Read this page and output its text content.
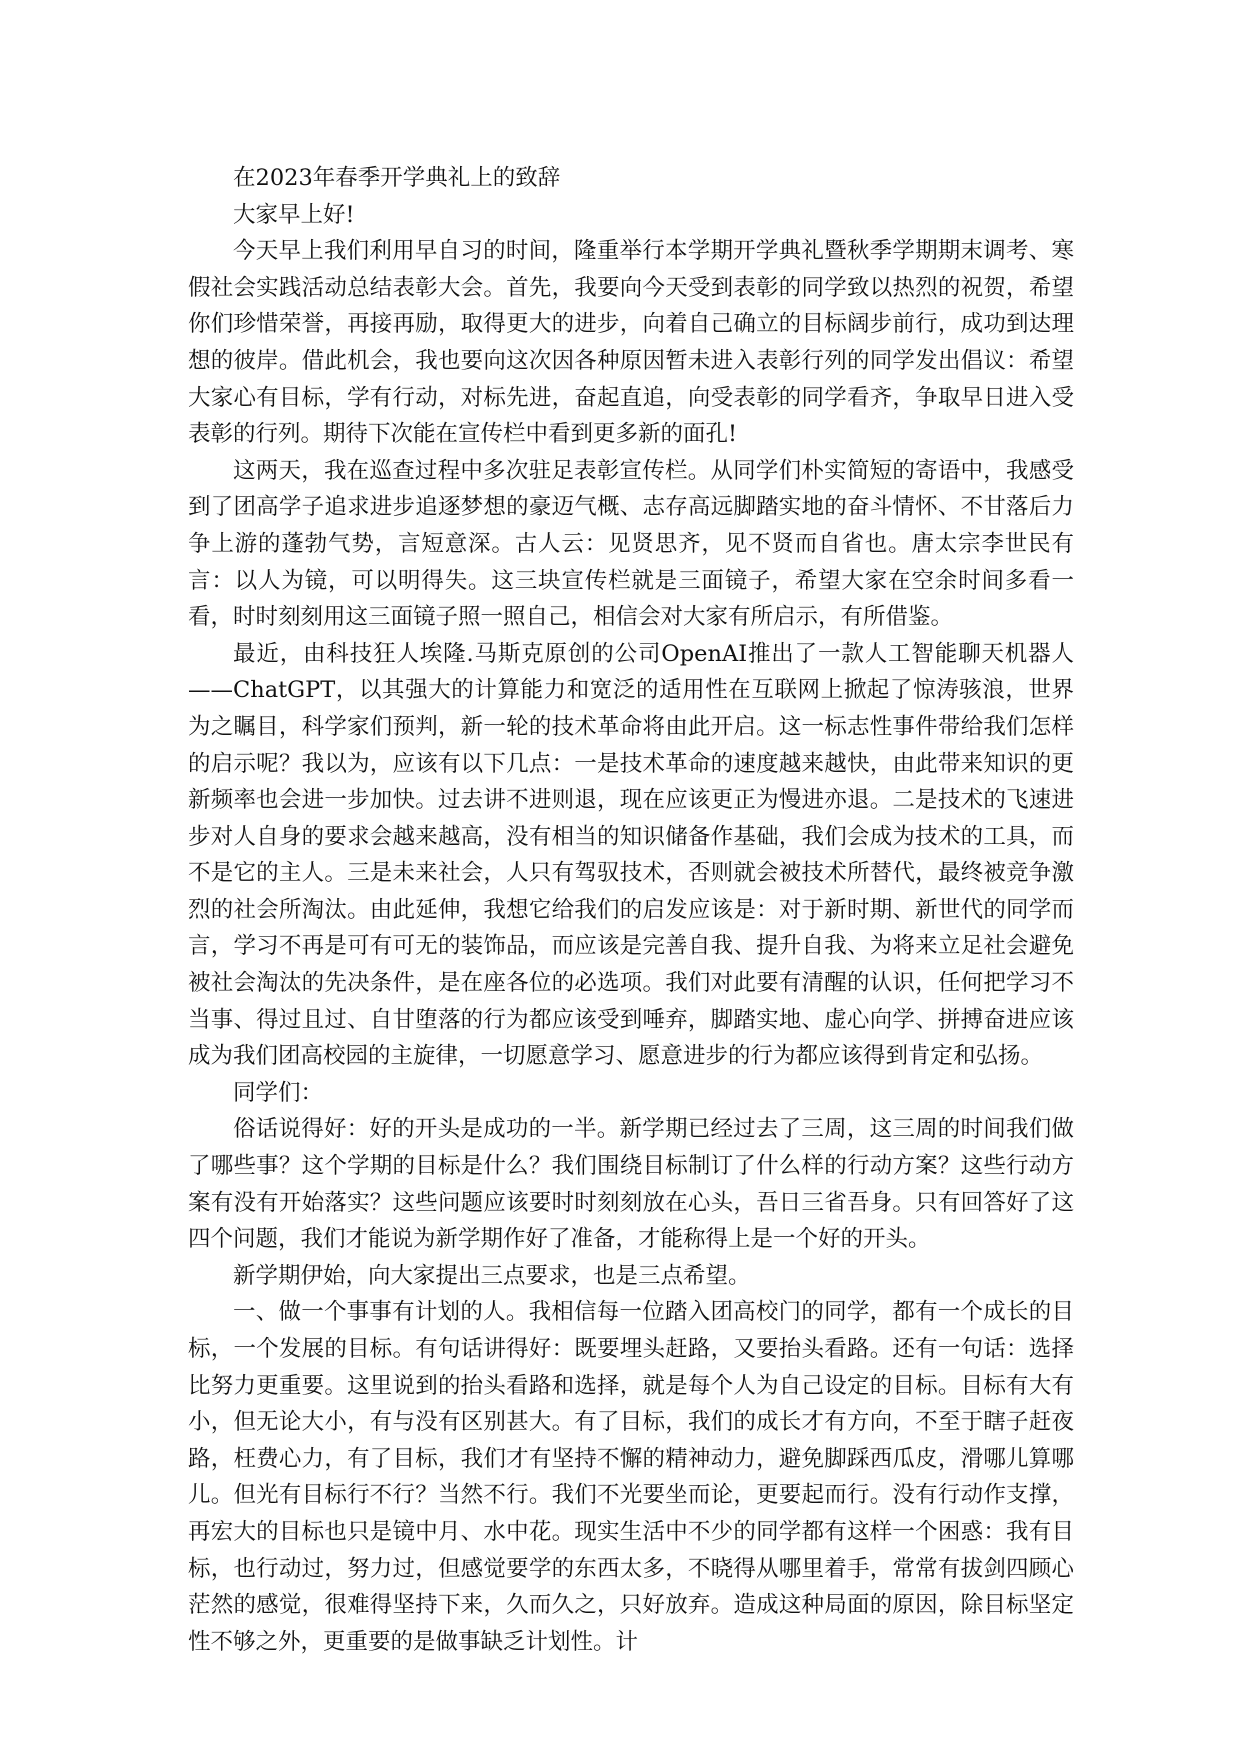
在2023年春季开学典礼上的致辞

大家早上好!

今天早上我们利用早自习的时间，隆重举行本学期开学典礼暨秋季学期期末调考、寒假社会实践活动总结表彰大会。首先，我要向今天受到表彰的同学致以热烈的祝贺，希望你们珍惜荣誉，再接再励，取得更大的进步，向着自己确立的目标阔步前行，成功到达理想的彼岸。借此机会，我也要向这次因各种原因暂未进入表彰行列的同学发出倡议：希望大家心有目标，学有行动，对标先进，奋起直追，向受表彰的同学看齐，争取早日进入受表彰的行列。期待下次能在宣传栏中看到更多新的面孔!

这两天，我在巡查过程中多次驻足表彰宣传栏。从同学们朴实简短的寄语中，我感受到了团高学子追求进步追逐梦想的豪迈气概、志存高远脚踏实地的奋斗情怀、不甘落后力争上游的蓬勃气势，言短意深。古人云：见贤思齐，见不贤而自省也。唐太宗李世民有言：以人为镜，可以明得失。这三块宣传栏就是三面镜子，希望大家在空余时间多看一看，时时刻刻用这三面镜子照一照自己，相信会对大家有所启示，有所借鉴。

最近，由科技狂人埃隆.马斯克原创的公司OpenAI推出了一款人工智能聊天机器人——ChatGPT，以其强大的计算能力和宽泛的适用性在互联网上掀起了惊涛骇浪，世界为之瞩目，科学家们预判，新一轮的技术革命将由此开启。这一标志性事件带给我们怎样的启示呢？我以为，应该有以下几点：一是技术革命的速度越来越快，由此带来知识的更新频率也会进一步加快。过去讲不进则退，现在应该更正为慢进亦退。二是技术的飞速进步对人自身的要求会越来越高，没有相当的知识储备作基础，我们会成为技术的工具，而不是它的主人。三是未来社会，人只有驾驭技术，否则就会被技术所替代，最终被竞争激烈的社会所淘汰。由此延伸，我想它给我们的启发应该是：对于新时期、新世代的同学而言，学习不再是可有可无的装饰品，而应该是完善自我、提升自我、为将来立足社会避免被社会淘汰的先决条件，是在座各位的必选项。我们对此要有清醒的认识，任何把学习不当事、得过且过、自甘堕落的行为都应该受到唾弃，脚踏实地、虚心向学、拼搏奋进应该成为我们团高校园的主旋律，一切愿意学习、愿意进步的行为都应该得到肯定和弘扬。

同学们：

俗话说得好：好的开头是成功的一半。新学期已经过去了三周，这三周的时间我们做了哪些事？这个学期的目标是什么？我们围绕目标制订了什么样的行动方案？这些行动方案有没有开始落实？这些问题应该要时时刻刻放在心头，吾日三省吾身。只有回答好了这四个问题，我们才能说为新学期作好了准备，才能称得上是一个好的开头。

新学期伊始，向大家提出三点要求，也是三点希望。

一、做一个事事有计划的人。我相信每一位踏入团高校门的同学，都有一个成长的目标，一个发展的目标。有句话讲得好：既要埋头赶路，又要抬头看路。还有一句话：选择比努力更重要。这里说到的抬头看路和选择，就是每个人为自己设定的目标。目标有大有小，但无论大小，有与没有区别甚大。有了目标，我们的成长才有方向，不至于瞎子赶夜路，枉费心力，有了目标，我们才有坚持不懈的精神动力，避免脚踩西瓜皮，滑哪儿算哪儿。但光有目标行不行？当然不行。我们不光要坐而论，更要起而行。没有行动作支撑，再宏大的目标也只是镜中月、水中花。现实生活中不少的同学都有这样一个困惑：我有目标，也行动过，努力过，但感觉要学的东西太多，不晓得从哪里着手，常常有拔剑四顾心茫然的感觉，很难得坚持下来，久而久之，只好放弃。造成这种局面的原因，除目标坚定性不够之外，更重要的是做事缺乏计划性。计
